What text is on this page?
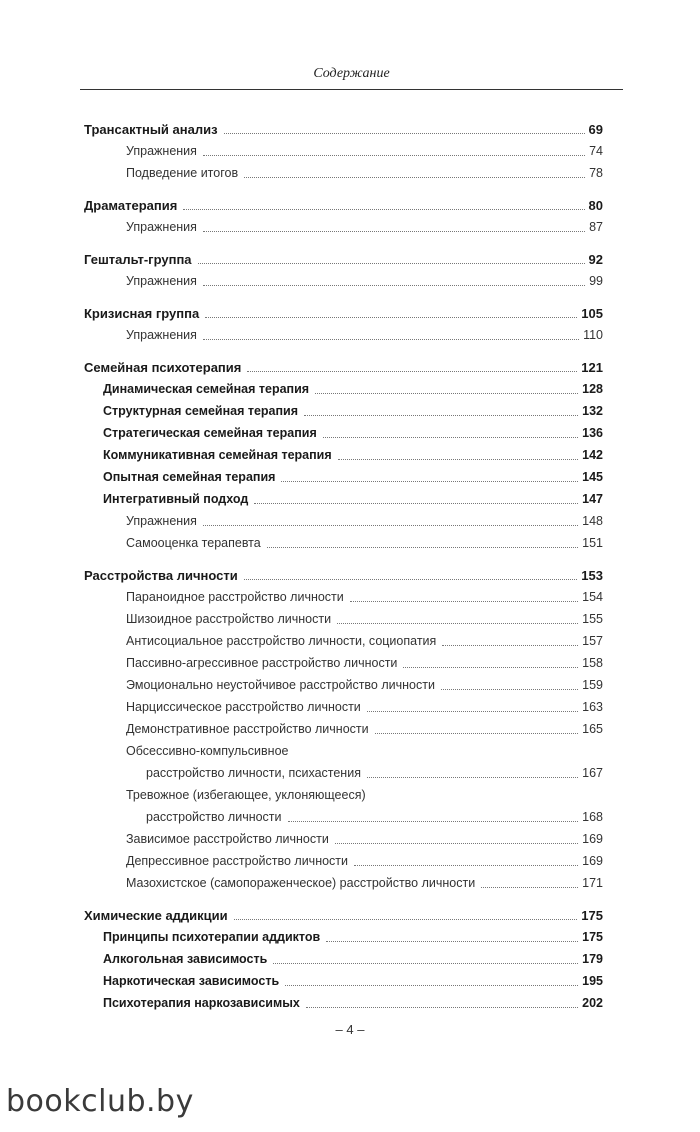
Содержание
Трансактный анализ	69
Упражнения	74
Подведение итогов	78
Драматерапия	80
Упражнения	87
Гештальт-группа	92
Упражнения	99
Кризисная группа	105
Упражнения	110
Семейная психотерапия	121
Динамическая семейная терапия	128
Структурная семейная терапия	132
Стратегическая семейная терапия	136
Коммуникативная семейная терапия	142
Опытная семейная терапия	145
Интегративный подход	147
Упражнения	148
Самооценка терапевта	151
Расстройства личности	153
Параноидное расстройство личности	154
Шизоидное расстройство личности	155
Антисоциальное расстройство личности, социопатия	157
Пассивно-агрессивное расстройство личности	158
Эмоционально неустойчивое расстройство личности	159
Нарциссическое расстройство личности	163
Демонстративное расстройство личности	165
Обсессивно-компульсивное
расстройство личности, психастения	167
Тревожное (избегающее, уклоняющееся)
расстройство личности	168
Зависимое расстройство личности	169
Депрессивное расстройство личности	169
Мазохистское (самопораженческое) расстройство личности	171
Химические аддикции	175
Принципы психотерапии аддиктов	175
Алкогольная зависимость	179
Наркотическая зависимость	195
Психотерапия наркозависимых	202
– 4 –
bookclub.by
